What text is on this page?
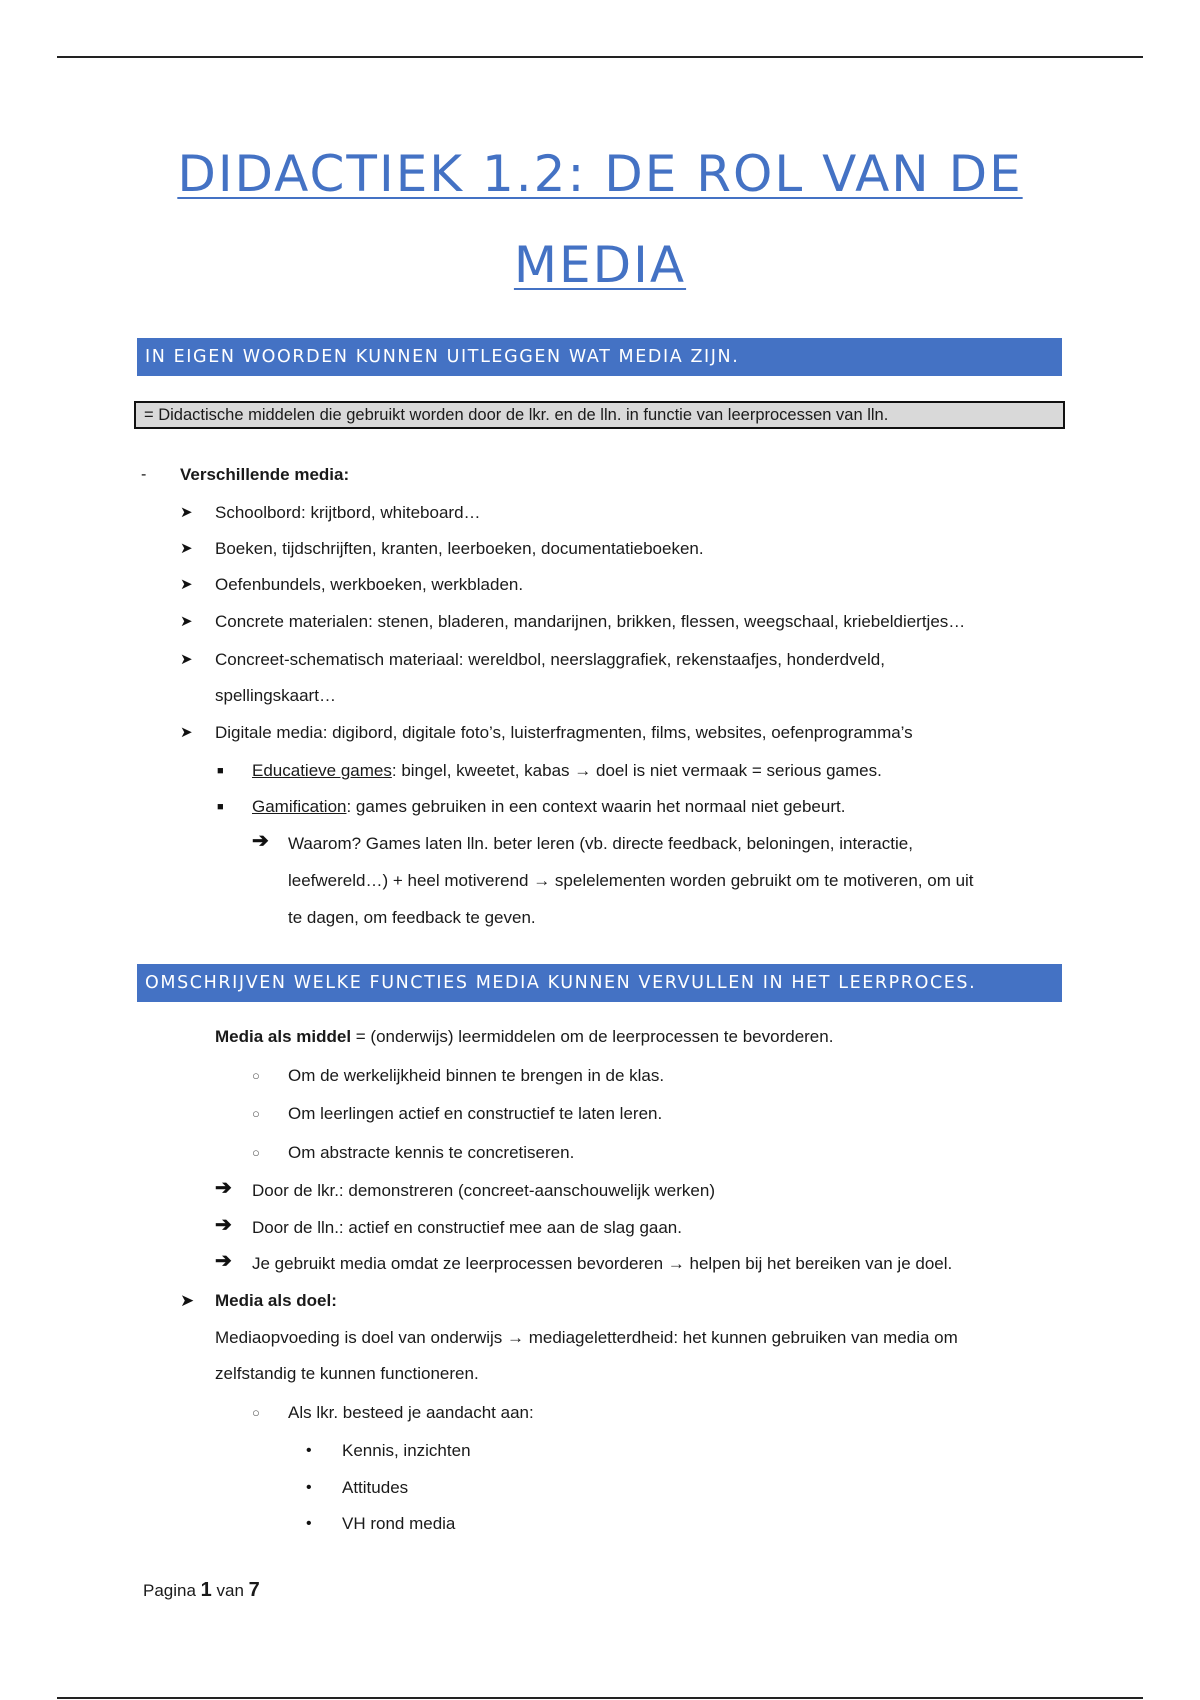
DIDACTIEK 1.2: DE ROL VAN DE
MEDIA
IN EIGEN WOORDEN KUNNEN UITLEGGEN WAT MEDIA ZIJN.
= Didactische middelen die gebruikt worden door de lkr. en de lln. in functie van leerprocessen van lln.
- Verschillende media:
➤ Schoolbord: krijtbord, whiteboard…
➤ Boeken, tijdschrijften, kranten, leerboeken, documentatieboeken.
➤ Oefenbundels, werkboeken, werkbladen.
➤ Concrete materialen: stenen, bladeren, mandarijnen, brikken, flessen, weegschaal, kriebeldiertjes…
➤ Concreet-schematisch materiaal: wereldbol, neerslaggrafiek, rekenstaafjes, honderdveld,
spellingskaart…
➤ Digitale media: digibord, digitale foto’s, luisterfragmenten, films, websites, oefenprogramma’s
■ Educatieve games: bingel, kweetet, kabas → doel is niet vermaak = serious games.
■ Gamification: games gebruiken in een context waarin het normaal niet gebeurt.
➔ Waarom? Games laten lln. beter leren (vb. directe feedback, beloningen, interactie,
leefwereld…) + heel motiverend → spelelementen worden gebruikt om te motiveren, om uit
te dagen, om feedback te geven.
OMSCHRIJVEN WELKE FUNCTIES MEDIA KUNNEN VERVULLEN IN HET LEERPROCES.
Media als middel = (onderwijs) leermiddelen om de leerprocessen te bevorderen.
○ Om de werkelijkheid binnen te brengen in de klas.
○ Om leerlingen actief en constructief te laten leren.
○ Om abstracte kennis te concretiseren.
➔ Door de lkr.: demonstreren (concreet-aanschouwelijk werken)
➔ Door de lln.: actief en constructief mee aan de slag gaan.
➔ Je gebruikt media omdat ze leerprocessen bevorderen → helpen bij het bereiken van je doel.
➤ Media als doel:
Mediaopvoeding is doel van onderwijs → mediageletterdheid: het kunnen gebruiken van media om
zelfstandig te kunnen functioneren.
○ Als lkr. besteed je aandacht aan:
• Kennis, inzichten
• Attitudes
• VH rond media
Pagina 1 van 7
